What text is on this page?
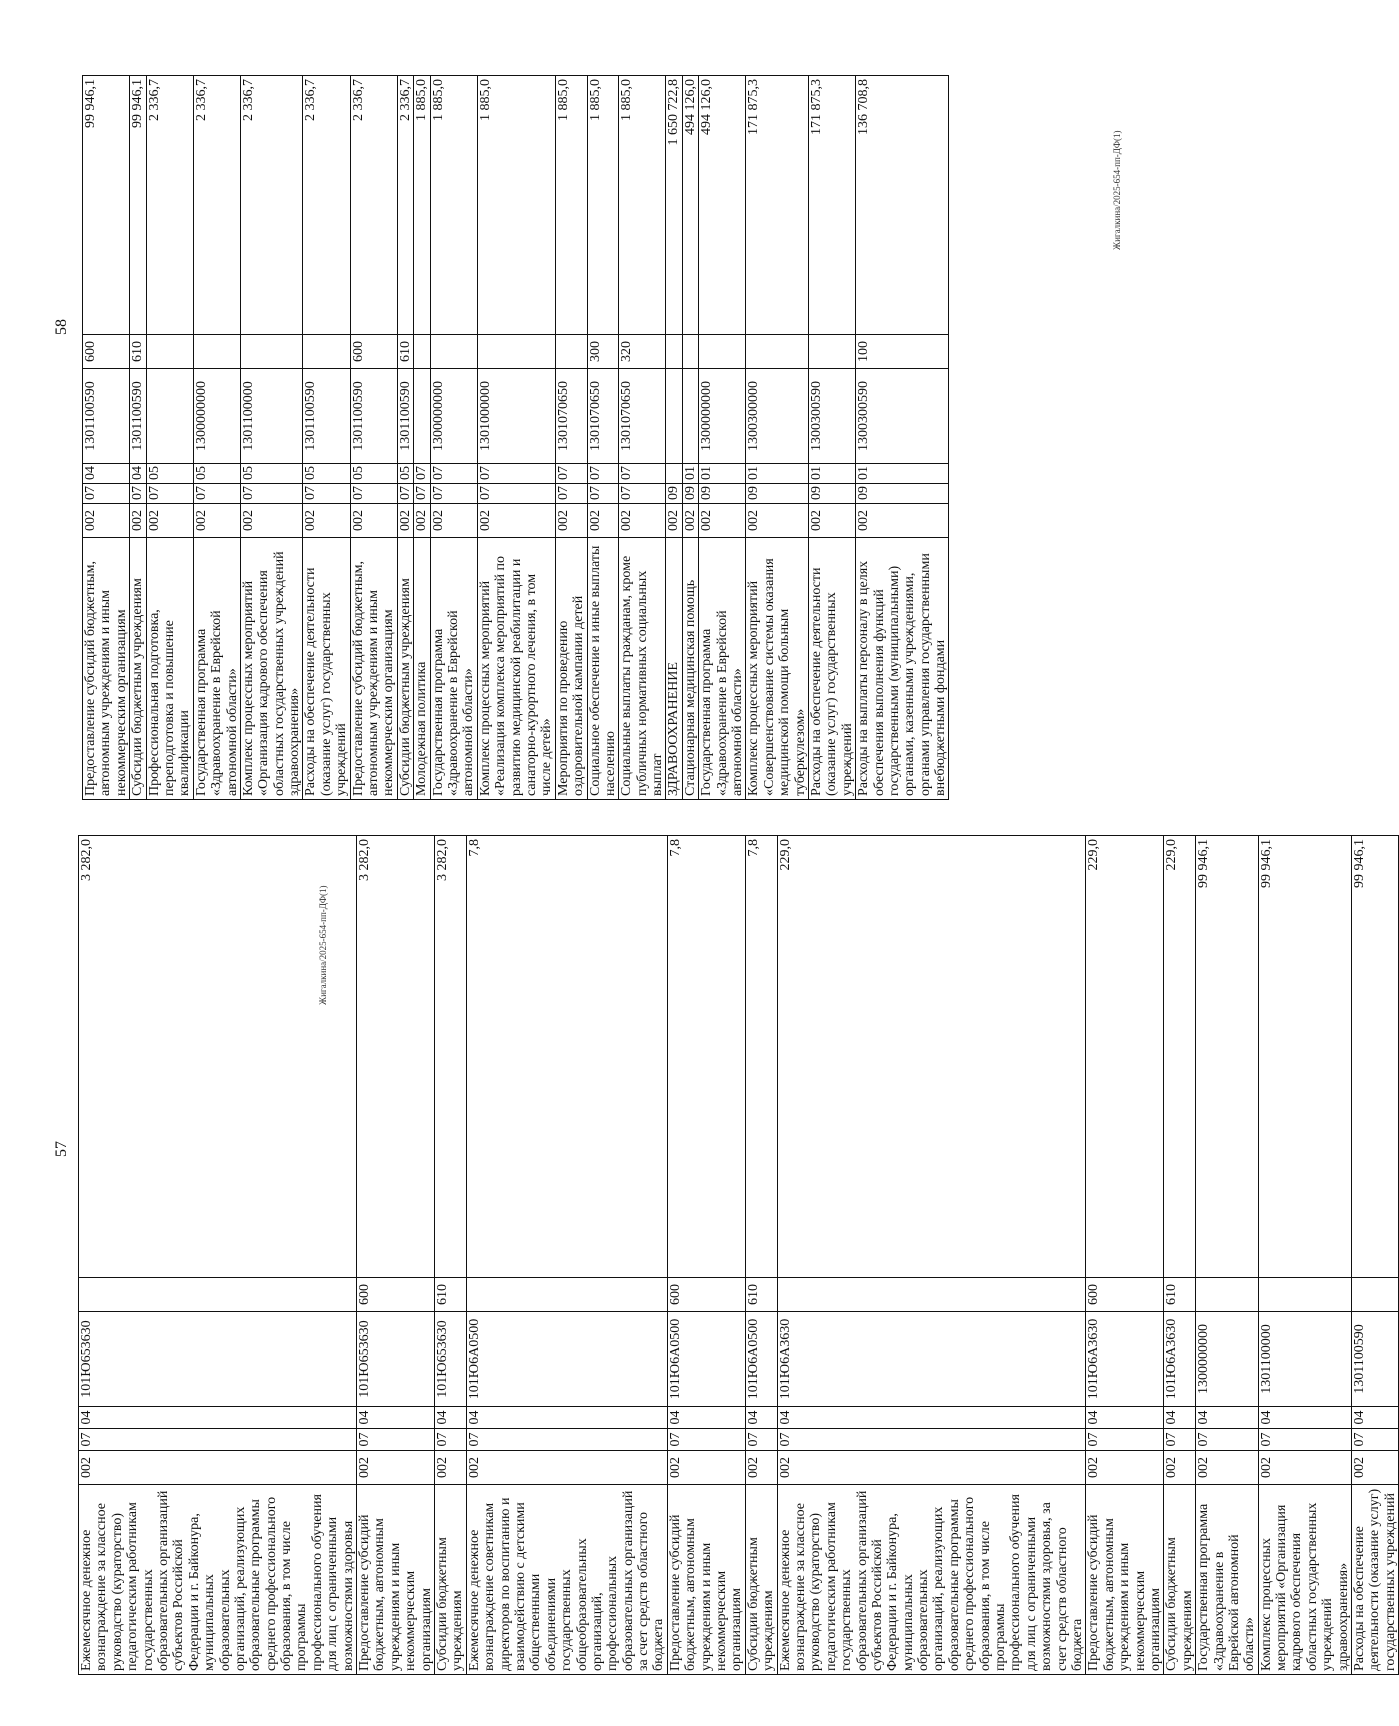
57
Ежемесячное денежное вознаграждение за классное руководство (кураторство) педагогическим работникам государственных образовательных организаций субъектов Российской Федерации и г. Байконура, муниципальных образовательных организаций, реализующих образовательные программы среднего профессионального образования, в том числе программы профессионального обучения для лиц с ограниченными возможностями здоровья	002	07	04	101Ю653630		3 282,0
Предоставление субсидий бюджетным, автономным учреждениям и иным некоммерческим организациям	002	07	04	101Ю653630	600	3 282,0
Субсидии бюджетным учреждениям	002	07	04	101Ю653630	610	3 282,0
Ежемесячное денежное вознаграждение советникам директоров по воспитанию и взаимодействию с детскими общественными объединениями государственных общеобразовательных организаций, профессиональных образовательных организаций за счет средств областного бюджета	002	07	04	101Ю6А0500		7,8
Предоставление субсидий бюджетным, автономным учреждениям и иным некоммерческим организациям	002	07	04	101Ю6А0500	600	7,8
Субсидии бюджетным учреждениям	002	07	04	101Ю6А0500	610	7,8
Ежемесячное денежное вознаграждение за классное руководство (кураторство) педагогическим работникам государственных образовательных организаций субъектов Российской Федерации и г. Байконура, муниципальных образовательных организаций, реализующих образовательные программы среднего профессионального образования, в том числе программы профессионального обучения для лиц с ограниченными возможностями здоровья, за счет средств областного бюджета	002	07	04	101Ю6А3630		229,0
Предоставление субсидий бюджетным, автономным учреждениям и иным некоммерческим организациям	002	07	04	101Ю6А3630	600	229,0
Субсидии бюджетным учреждениям	002	07	04	101Ю6А3630	610	229,0
Государственная программа «Здравоохранение в Еврейской автономной области»	002	07	04	1300000000		99 946,1
Комплекс процессных мероприятий «Организация кадрового обеспечения областных государственных учреждений здравоохранения»	002	07	04	1301100000		99 946,1
Расходы на обеспечение деятельности (оказание услуг) государственных учреждений	002	07	04	1301100590		99 946,1
Жигалкина/2025-654-пп-ДФ(1)
58
Предоставление субсидий бюджетным, автономным учреждениям и иным некоммерческим организациям	002	07	04	1301100590	600	99 946,1
Субсидии бюджетным учреждениям	002	07	04	1301100590	610	99 946,1
Профессиональная подготовка, переподготовка и повышение квалификации	002	07	05			2 336,7
Государственная программа «Здравоохранение в Еврейской автономной области»	002	07	05	1300000000		2 336,7
Комплекс процессных мероприятий «Организация кадрового обеспечения областных государственных учреждений здравоохранения»	002	07	05	1301100000		2 336,7
Расходы на обеспечение деятельности (оказание услуг) государственных учреждений	002	07	05	1301100590		2 336,7
Предоставление субсидий бюджетным, автономным учреждениям и иным некоммерческим организациям	002	07	05	1301100590	600	2 336,7
Субсидии бюджетным учреждениям	002	07	05	1301100590	610	2 336,7
Молодежная политика	002	07	07			1 885,0
Государственная программа «Здравоохранение в Еврейской автономной области»	002	07	07	1300000000		1 885,0
Комплекс процессных мероприятий «Реализация комплекса мероприятий по развитию медицинской реабилитации и санаторно-курортного лечения, в том числе детей»	002	07	07	1301000000		1 885,0
Мероприятия по проведению оздоровительной кампании детей	002	07	07	1301070650		1 885,0
Социальное обеспечение и иные выплаты населению	002	07	07	1301070650	300	1 885,0
Социальные выплаты гражданам, кроме публичных нормативных социальных выплат	002	07	07	1301070650	320	1 885,0
ЗДРАВООХРАНЕНИЕ	002	09				1 650 722,8
Стационарная медицинская помощь	002	09	01			494 126,0
Государственная программа «Здравоохранение в Еврейской автономной области»	002	09	01	1300000000		494 126,0
Комплекс процессных мероприятий «Совершенствование системы оказания медицинской помощи больным туберкулезом»	002	09	01	1300300000		171 875,3
Расходы на обеспечение деятельности (оказание услуг) государственных учреждений	002	09	01	1300300590		171 875,3
Расходы на выплаты персоналу в целях обеспечения выполнения функций государственными (муниципальными) органами, казенными учреждениями, органами управления государственными внебюджетными фондами	002	09	01	1300300590	100	136 708,8
Жигалкина/2025-654-пп-ДФ(1)
